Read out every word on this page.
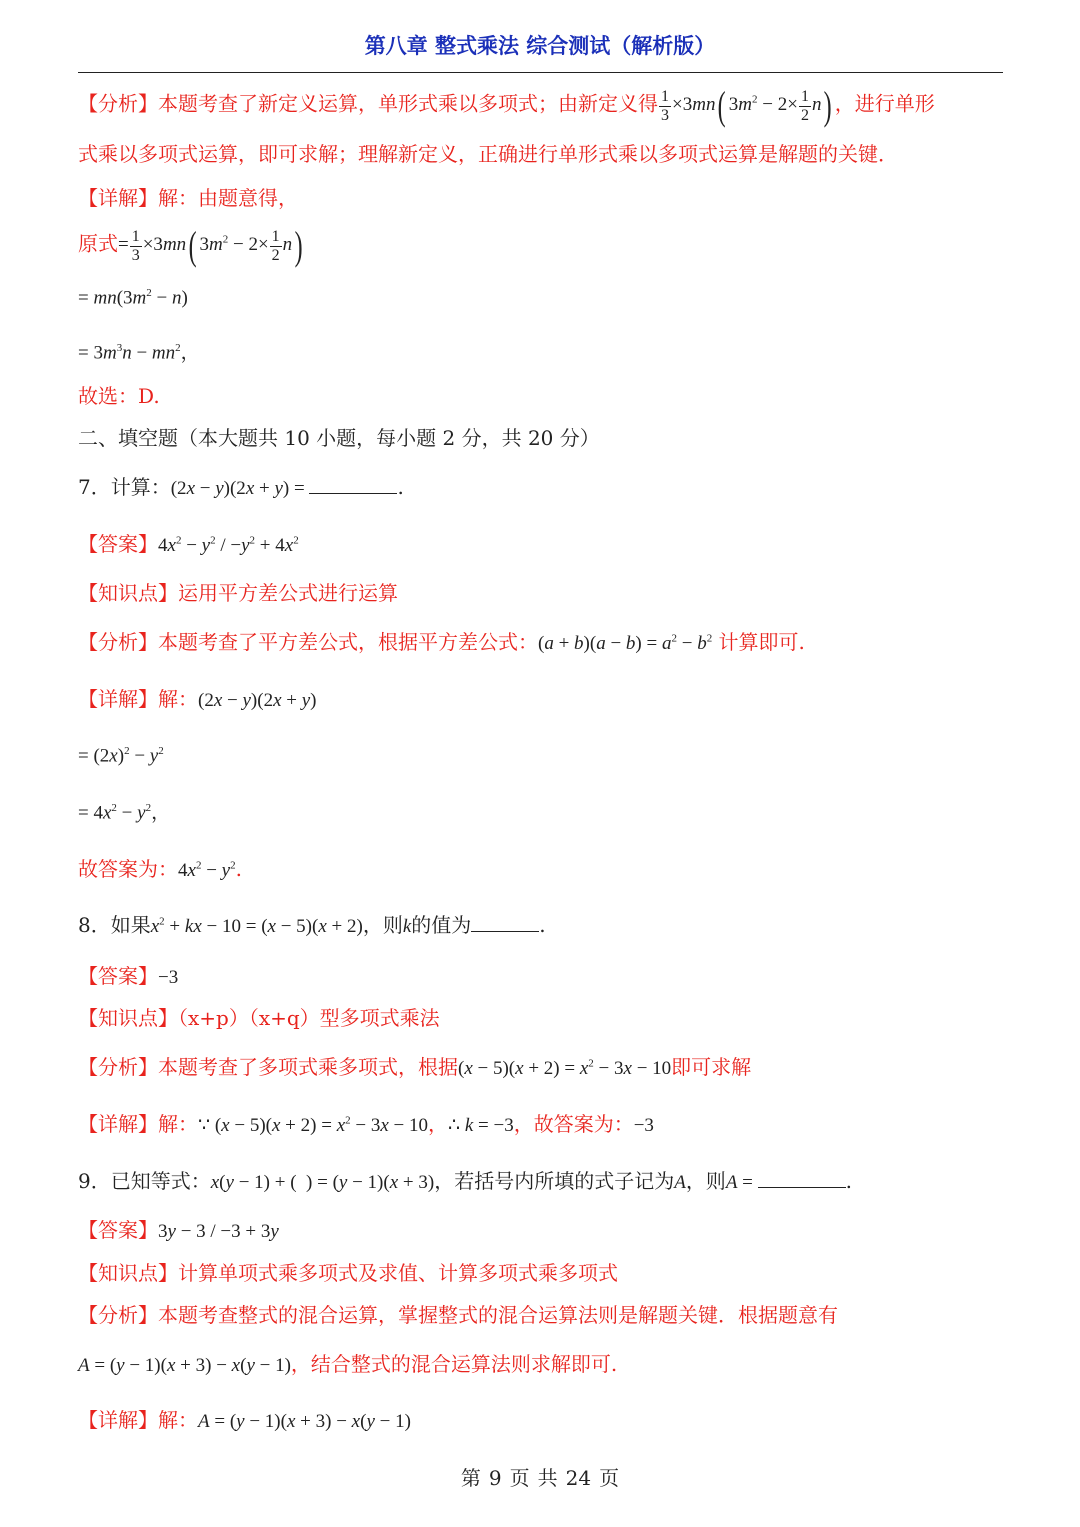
第八章 整式乘法 综合测试（解析版）
【分析】本题考查了新定义运算，单形式乘以多项式；由新定义得 $\frac{1}{3} \times 3mn$( $3m^2 - 2\times \frac{1}{2} n$) ，进行单形
式乘以多项式运算，即可求解；理解新定义，正确进行单形式乘以多项式运算是解题的关键．
【详解】解：由题意得，
原式= $\frac{1}{3} \times 3mn$( $3m^2 - 2\times \frac{1}{2} n$)
= $mn(3m^2 - n)$
= $3m^3n - mn^2$，
故选：D.
二、填空题（本大题共 10 小题，每小题 2 分，共 20 分）
7．计算：(2x − y)(2x + y) =	.
【答案】$4x^2 - y^2 / -y^2 + 4x^2$
【知识点】运用平方差公式进行运算
【分析】本题考查了平方差公式，根据平方差公式：$(a + b)(a - b) = a^2 - b^2$ 计算即可.
【详解】解：(2x − y)(2x + y)
= $(2x)^2 - y^2$
= $4x^2 - y^2$，
故答案为：$4x^2 - y^2$.
8．如果$x^2$ + kx − 10 = (x − 5)(x + 2)，则k的值为	.
【答案】−3
【知识点】（x+p）（x+q）型多项式乘法
【分析】本题考查了多项式乘多项式，根据$(x - 5)(x + 2) = x^2 - 3x - 10$即可求解
【详解】解：∵ $(x - 5)(x + 2) = x^2 - 3x - 10$，∴ k = −3，故答案为：−3
9．已知等式：x(y − 1) + (  ) = (y − 1)(x + 3)，若括号内所填的式子记为A，则A =	.
【答案】3y − 3 / −3 + 3y
【知识点】计算单项式乘多项式及求值、计算多项式乘多项式
【分析】本题考查整式的混合运算，掌握整式的混合运算法则是解题关键．根据题意有
A = (y − 1)(x + 3) − x(y − 1)，结合整式的混合运算法则求解即可.
【详解】解：A = (y − 1)(x + 3) − x(y − 1)
第 9 页 共 24 页
